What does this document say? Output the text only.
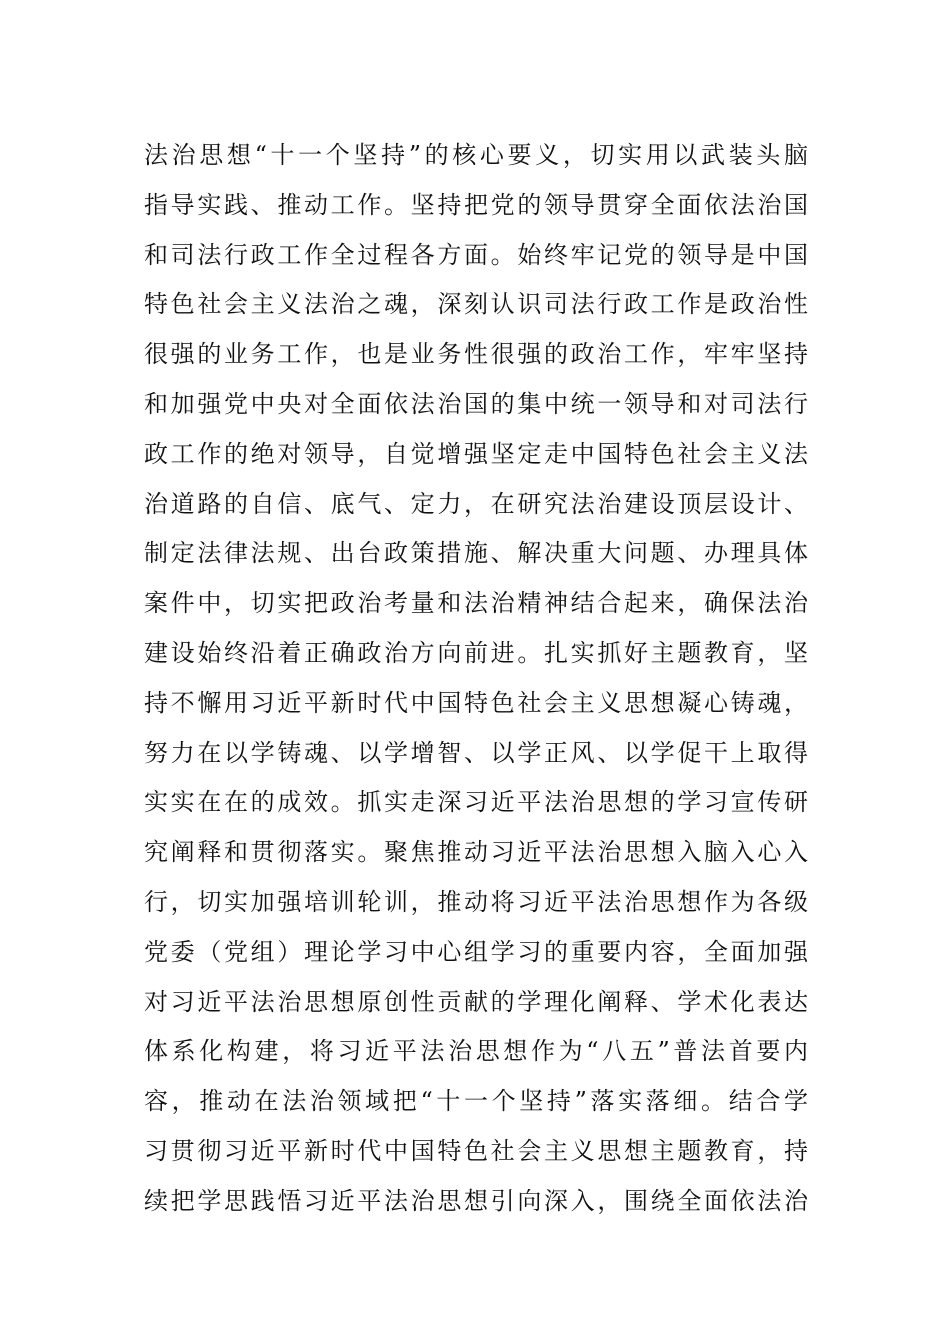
法治思想“十一个坚持”的核心要义，切实用以武装头脑
指导实践、推动工作。坚持把党的领导贯穿全面依法治国
和司法行政工作全过程各方面。始终牢记党的领导是中国
特色社会主义法治之魂，深刻认识司法行政工作是政治性
很强的业务工作，也是业务性很强的政治工作，牢牢坚持
和加强党中央对全面依法治国的集中统一领导和对司法行
政工作的绝对领导，自觉增强坚定走中国特色社会主义法
治道路的自信、底气、定力，在研究法治建设顶层设计、
制定法律法规、出台政策措施、解决重大问题、办理具体
案件中，切实把政治考量和法治精神结合起来，确保法治
建设始终沿着正确政治方向前进。扎实抓好主题教育，坚
持不懈用习近平新时代中国特色社会主义思想凝心铸魂，
努力在以学铸魂、以学增智、以学正风、以学促干上取得
实实在在的成效。抓实走深习近平法治思想的学习宣传研
究阐释和贯彻落实。聚焦推动习近平法治思想入脑入心入
行，切实加强培训轮训，推动将习近平法治思想作为各级
党委（党组）理论学习中心组学习的重要内容，全面加强
对习近平法治思想原创性贡献的学理化阐释、学术化表达
体系化构建，将习近平法治思想作为“八五”普法首要内
容，推动在法治领域把“十一个坚持”落实落细。结合学
习贯彻习近平新时代中国特色社会主义思想主题教育，持
续把学思践悟习近平法治思想引向深入，围绕全面依法治
